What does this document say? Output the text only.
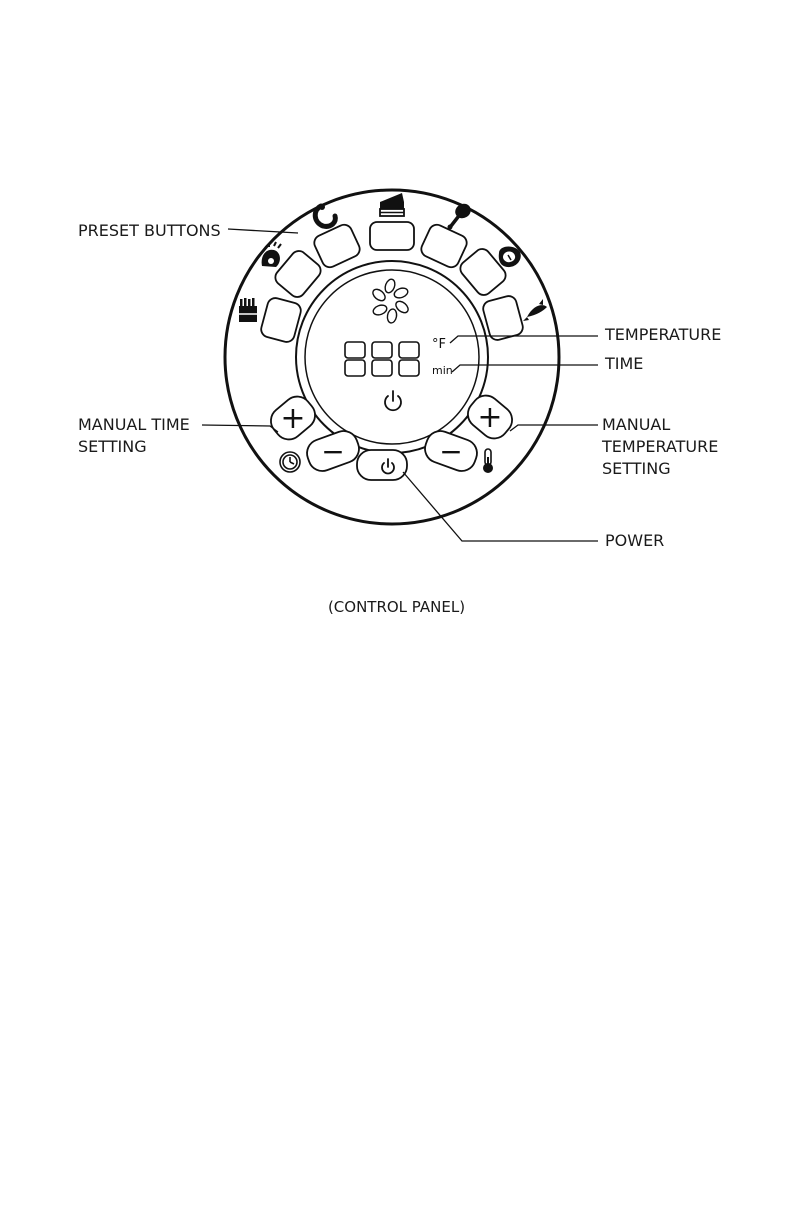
888
°F
min
+
−	−
+
PRESET BUTTONS
TEMPERATURE
TIME
MANUAL TIME
SETTING
MANUAL
TEMPERATURE
SETTING
POWER
(CONTROL PANEL)
